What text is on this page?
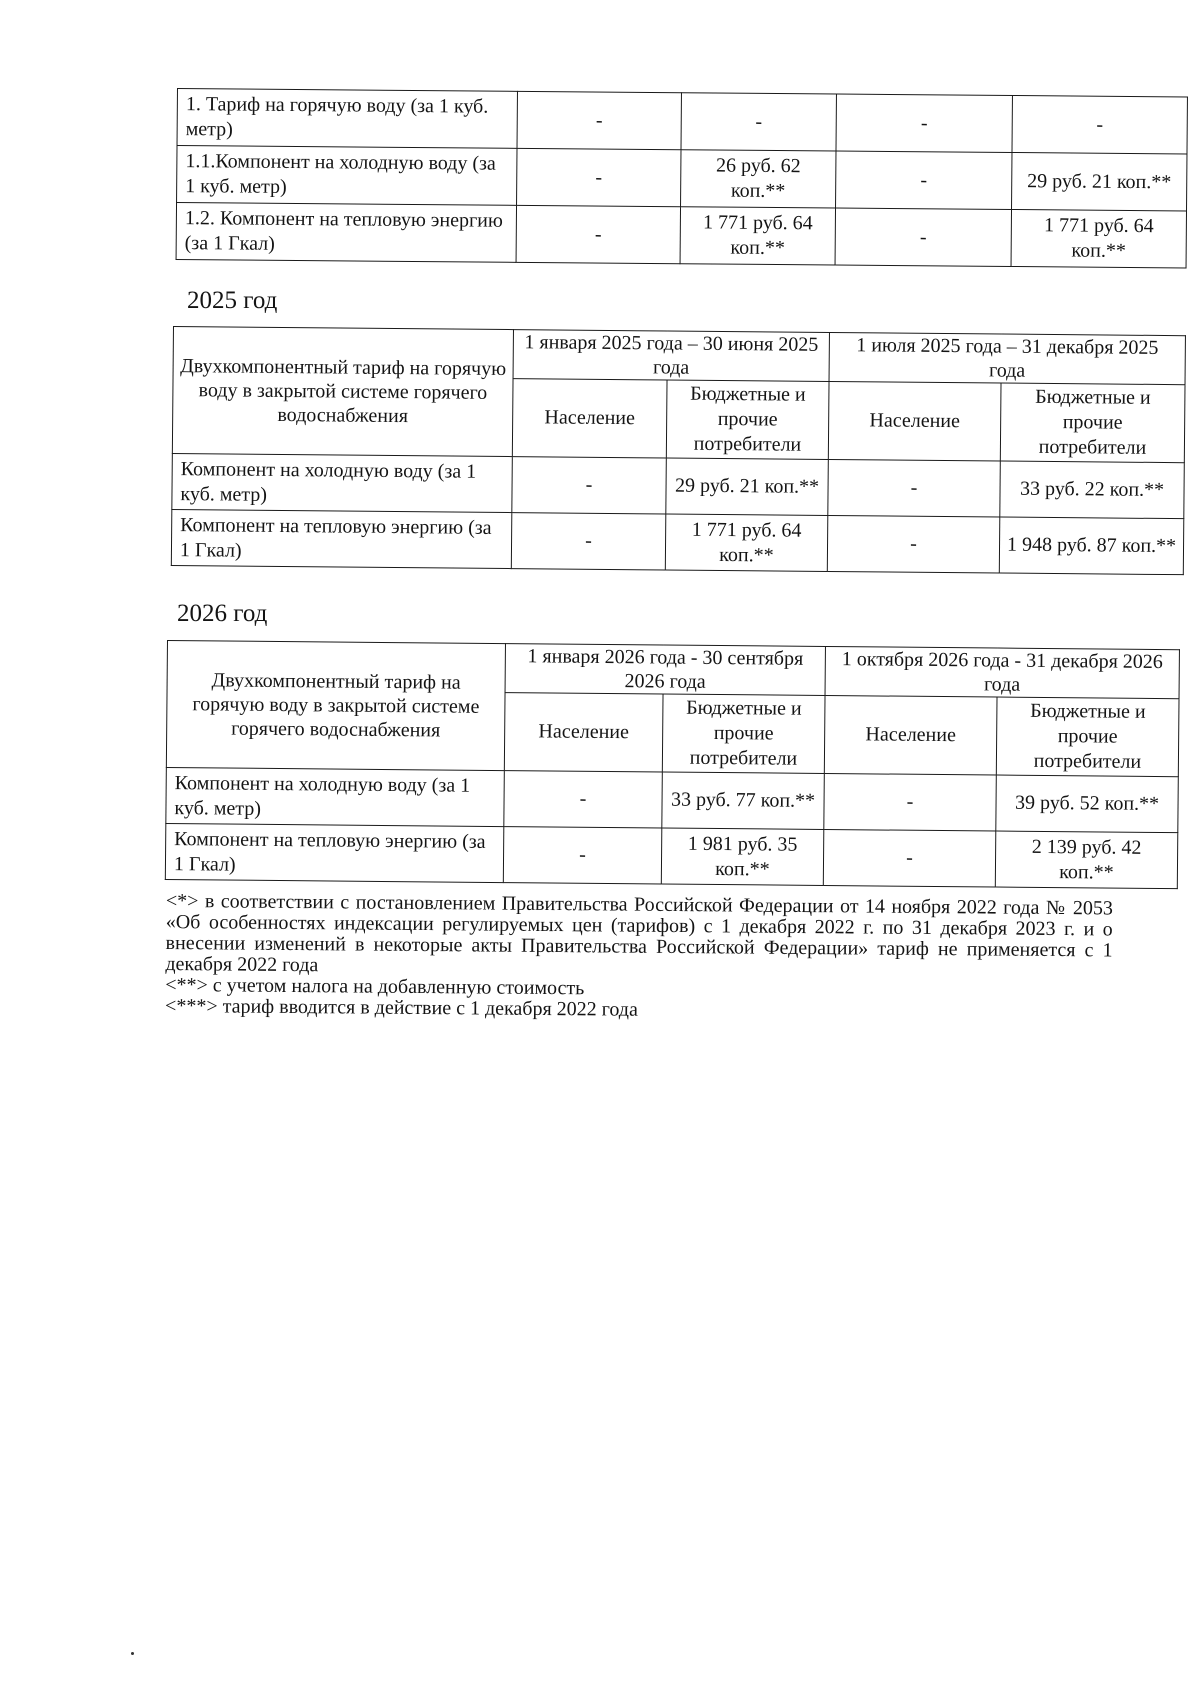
1. Тариф на горячую воду (за 1 куб. метр)	-	-	-	-
1.1.Компонент на холодную воду (за 1 куб. метр)	-	26 руб. 62 коп.**	-	29 руб. 21 коп.**
1.2. Компонент на тепловую энергию (за 1 Гкал)	-	1 771 руб. 64 коп.**	-	1 771 руб. 64 коп.**
2025 год
Двухкомпонентный тариф на горячую воду в закрытой системе горячего водоснабжения	1 января 2025 года – 30 июня 2025 года		1 июля 2025 года – 31 декабря 2025 года	
	Население	Бюджетные и прочие потребители	Население	Бюджетные и прочие потребители
Компонент на холодную воду (за 1 куб. метр)	-	29 руб. 21 коп.**	-	33 руб. 22 коп.**
Компонент на тепловую энергию (за 1 Гкал)	-	1 771 руб. 64 коп.**	-	1 948 руб. 87 коп.**
2026 год
Двухкомпонентный тариф на горячую воду в закрытой системе горячего водоснабжения	1 января 2026 года - 30 сентября 2026 года		1 октября 2026 года - 31 декабря 2026 года	
	Население	Бюджетные и прочие потребители	Население	Бюджетные и прочие потребители
Компонент на холодную воду (за 1 куб. метр)	-	33 руб. 77 коп.**	-	39 руб. 52 коп.**
Компонент на тепловую энергию (за 1 Гкал)	-	1 981 руб. 35 коп.**	-	2 139 руб. 42 коп.**

<*> в соответствии с постановлением Правительства Российской Федерации от 14 ноября 2022 года № 2053 «Об особенностях индексации регулируемых цен (тарифов) с 1 декабря 2022 г. по 31 декабря 2023 г. и о внесении изменений в некоторые акты Правительства Российской Федерации» тариф не применяется с 1 декабря 2022 года

<**> с учетом налога на добавленную стоимость

<***> тариф вводится в действие с 1 декабря 2022 года
